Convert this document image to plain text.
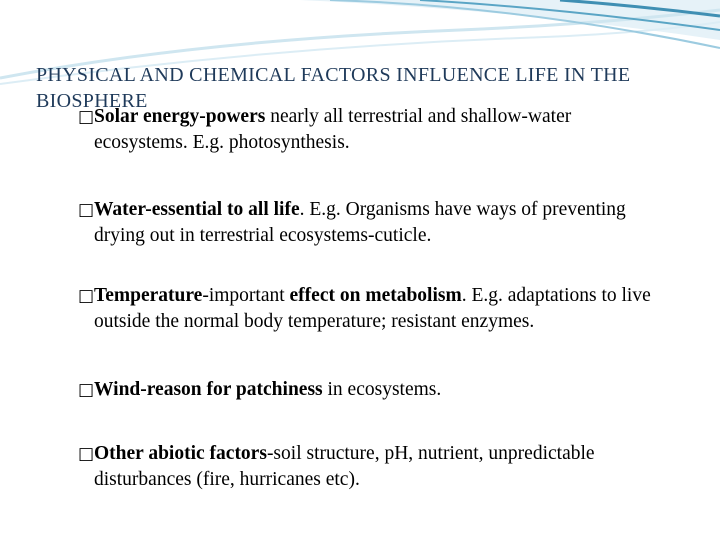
PHYSICAL AND CHEMICAL FACTORS INFLUENCE LIFE IN THE BIOSPHERE

□ Solar energy-powers nearly all terrestrial and shallow-water ecosystems. E.g. photosynthesis.

□ Water-essential to all life. E.g. Organisms have ways of preventing drying out in terrestrial ecosystems-cuticle.

□ Temperature-important effect on metabolism. E.g. adaptations to live outside the normal body temperature; resistant enzymes.

□ Wind-reason for patchiness in ecosystems.

□ Other abiotic factors-soil structure, pH, nutrient, unpredictable disturbances (fire, hurricanes etc).
